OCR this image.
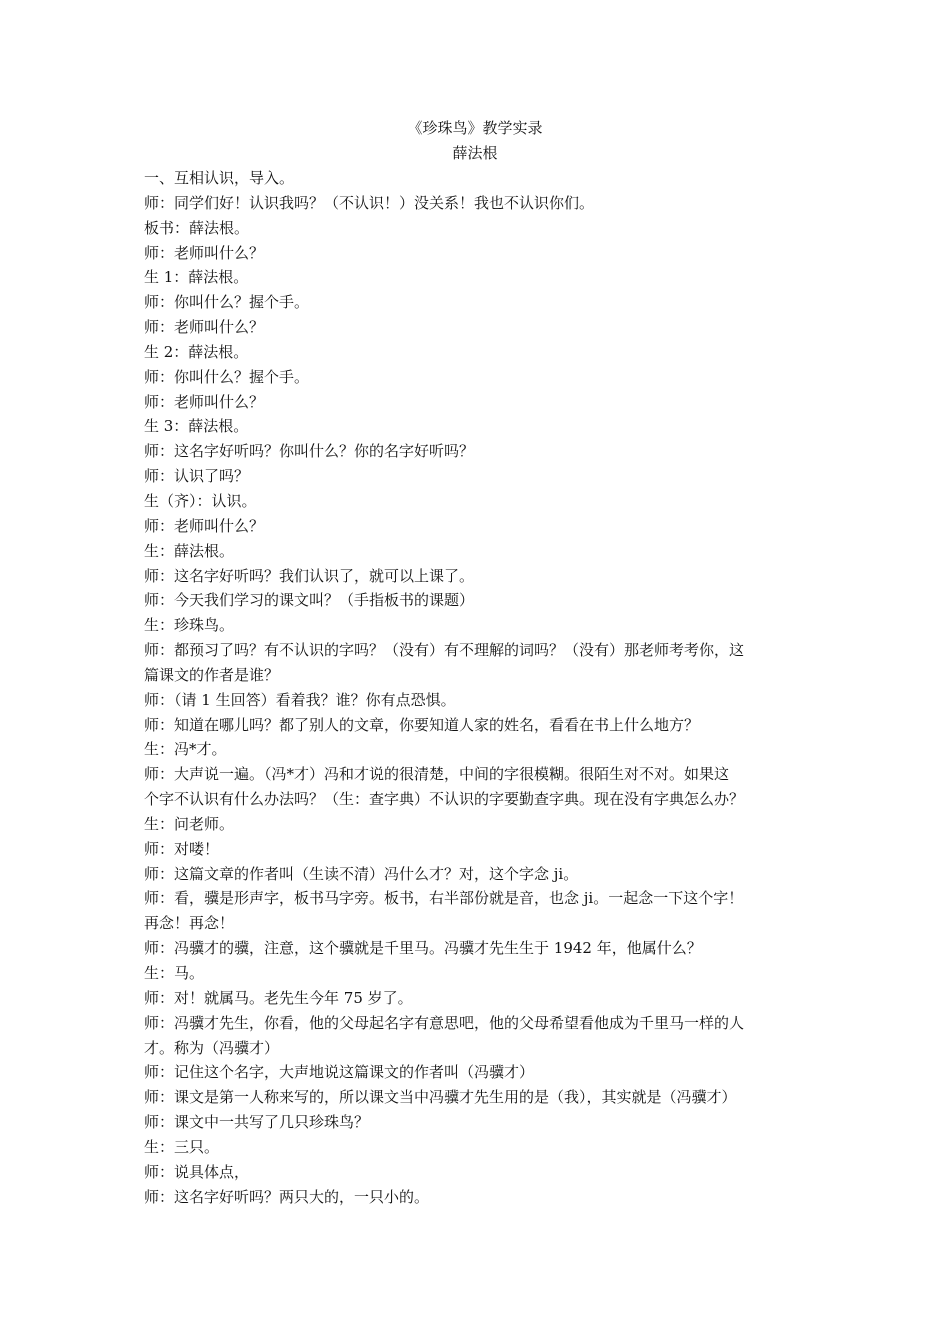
《珍珠鸟》教学实录
薛法根
一、互相认识，导入。
师：同学们好！认识我吗？（不认识！）没关系！我也不认识你们。
板书：薛法根。
师：老师叫什么？
生 1：薛法根。
师：你叫什么？握个手。
师：老师叫什么？
生 2：薛法根。
师：你叫什么？握个手。
师：老师叫什么？
生 3：薛法根。
师：这名字好听吗？你叫什么？你的名字好听吗？
师：认识了吗？
生（齐）：认识。
师：老师叫什么？
生：薛法根。
师：这名字好听吗？我们认识了，就可以上课了。
师：今天我们学习的课文叫？（手指板书的课题）
生：珍珠鸟。
师：都预习了吗？有不认识的字吗？（没有）有不理解的词吗？（没有）那老师考考你，这
篇课文的作者是谁？
师：（请 1 生回答）看着我？谁？你有点恐惧。
师：知道在哪儿吗？都了别人的文章，你要知道人家的姓名，看看在书上什么地方？
生：冯*才。
师：大声说一遍。（冯*才）冯和才说的很清楚，中间的字很模糊。很陌生对不对。如果这
个字不认识有什么办法吗？（生：查字典）不认识的字要勤查字典。现在没有字典怎么办？
生：问老师。
师：对喽！
师：这篇文章的作者叫（生读不清）冯什么才？对，这个字念 ji。
师：看，骥是形声字，板书马字旁。板书，右半部份就是音，也念 ji。一起念一下这个字！
再念！再念！
师：冯骥才的骥，注意，这个骥就是千里马。冯骥才先生生于 1942 年，他属什么？
生：马。
师：对！就属马。老先生今年 75 岁了。
师：冯骥才先生，你看，他的父母起名字有意思吧，他的父母希望看他成为千里马一样的人
才。称为（冯骥才）
师：记住这个名字，大声地说这篇课文的作者叫（冯骥才）
师：课文是第一人称来写的，所以课文当中冯骥才先生用的是（我），其实就是（冯骥才）
师：课文中一共写了几只珍珠鸟？
生：三只。
师：说具体点，
师：这名字好听吗？两只大的，一只小的。
